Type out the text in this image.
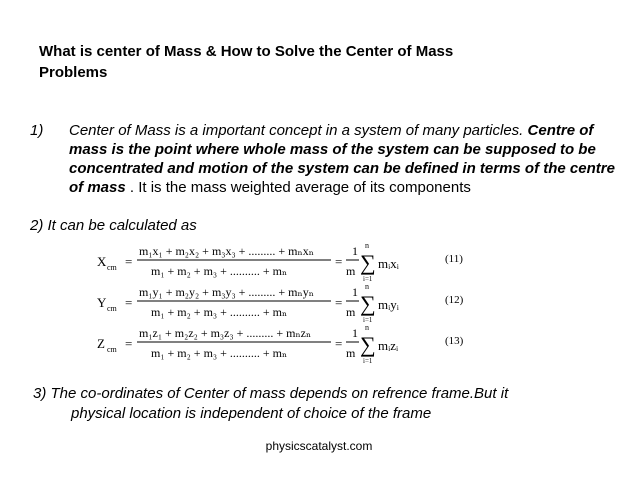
What is center of Mass & How to Solve the Center of Mass
Problems
1) Center of Mass is a important concept in a system of many particles. Centre of mass is the point where whole mass of the system can be supposed to be concentrated and motion of the system can be defined in terms of the centre of mass . It is the mass weighted average of its components
2) It can be calculated as
X cm =
m₁x₁ + m₂x₂ + m₃x₃ + ......... + mₙxₙ
m₁ + m₂ + m₃ + .......... + mₙ
=
1
m
n
∑
i=1
mᵢxᵢ	(11)
Y cm =
m₁y₁ + m₂y₂ + m₃y₃ + ......... + mₙyₙ
m₁ + m₂ + m₃ + .......... + mₙ
=
1
m
n
∑
i=1
mᵢyᵢ	(12)
Z cm =
m₁z₁ + m₂z₂ + m₃z₃ + ......... + mₙzₙ
m₁ + m₂ + m₃ + .......... + mₙ
=
1
m
n
∑
i=1
mᵢzᵢ	(13)
3) The co-ordinates of Center of mass depends on refrence frame.But it
physical location is independent of choice of the frame
physicscatalyst.com
